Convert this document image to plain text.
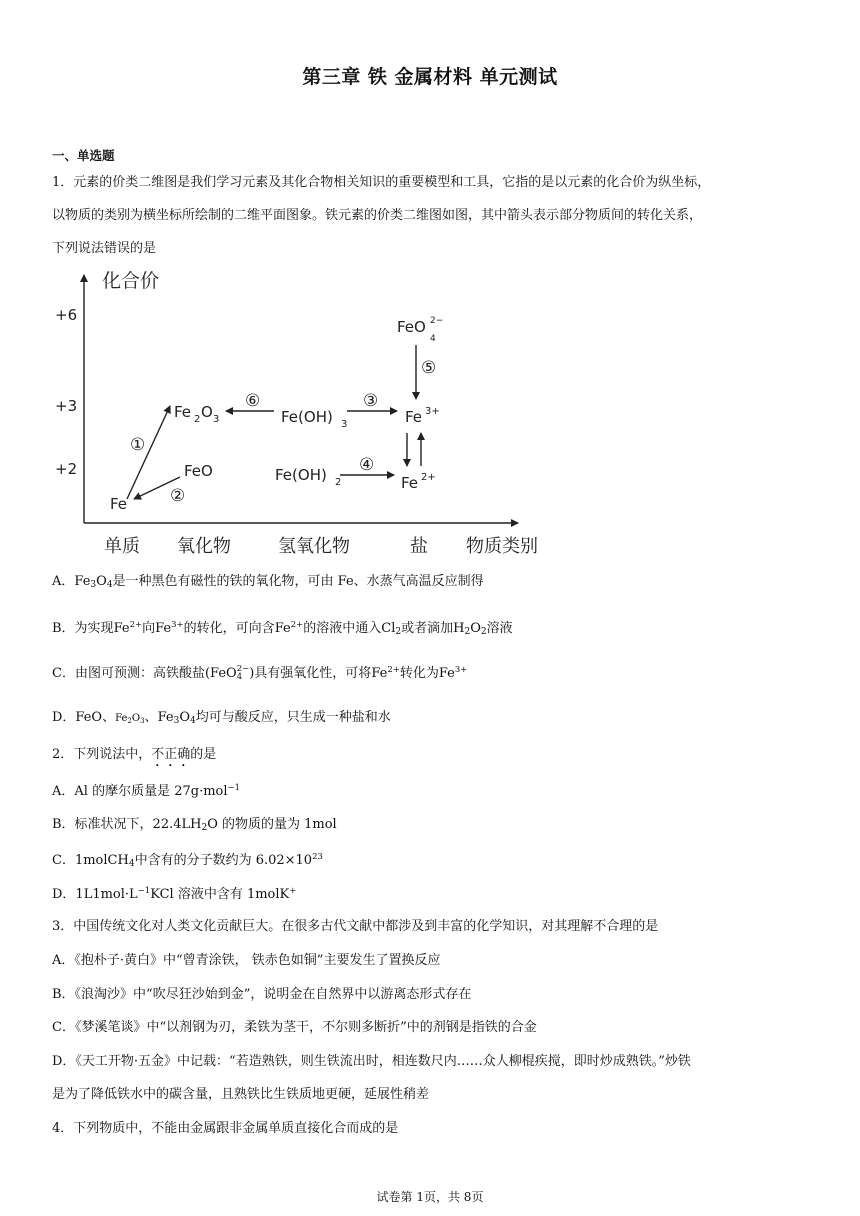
第三章 铁 金属材料 单元测试
一、单选题
1．元素的价类二维图是我们学习元素及其化合物相关知识的重要模型和工具，它指的是以元素的化合价为纵坐标，
以物质的类别为横坐标所绘制的二维平面图象。铁元素的价类二维图如图，其中箭头表示部分物质间的转化关系，
下列说法错误的是
化合价
+6
+3
+2
单质 氧化物	氢氧化物	盐 物质类别
Fe
FeO
Fe 2 O 3	Fe(OH) 3
Fe(OH) 2
Fe 3+
Fe 2+
FeO 2−
4
①
②
③
④
⑤
⑥
A．$Fe_3O_4$是一种黑色有磁性的铁的氧化物，可由 Fe、水蒸气高温反应制得
B．为实现$Fe^{2+}$向$Fe^{3+}$的转化，可向含$Fe^{2+}$的溶液中通入$Cl_2$或者滴加$H_2O_2$溶液
C．由图可预测：高铁酸盐(FeO2−
4 )具有强氧化性，可将$Fe^{2+}$转化为$Fe^{3+}$
D．FeO、$Fe_2O_3$、$Fe_3O_4$均可与酸反应，只生成一种盐和水
2．下列说法中，不正确的是
A．Al 的摩尔质量是 27g·mol$^{-1}$
B．标准状况下，$22.4LH_2O$ 的物质的量为 1mol
C．1molCH$_4$中含有的分子数约为 $6.02\times 10^{23}$
D．$1L1mol\cdot L^{-1}KCl$ 溶液中含有 1molK+
3．中国传统文化对人类文化贡献巨大。在很多古代文献中都涉及到丰富的化学知识，对其理解不合理的是
A．《抱朴子·黄白》中“曾青涂铁， 铁赤色如铜”主要发生了置换反应
B．《浪淘沙》中“吹尽狂沙始到金”，说明金在自然界中以游离态形式存在
C．《梦溪笔谈》中“以剂钢为刃，柔铁为茎干，不尔则多断折”中的剂钢是指铁的合金
D．《天工开物·五金》中记载：“若造熟铁，则生铁流出时，相连数尺内……众人柳棍疾搅，即时炒成熟铁。”炒铁
是为了降低铁水中的碳含量，且熟铁比生铁质地更硬，延展性稍差
4．下列物质中，不能由金属跟非金属单质直接化合而成的是
试卷第 1页，共 8页
